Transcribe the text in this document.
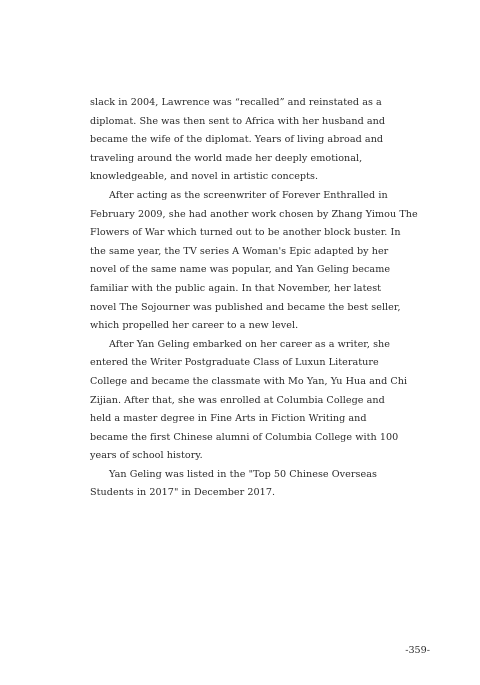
slack in 2004, Lawrence was “recalled” and reinstated as a
diplomat. She was then sent to Africa with her husband and
became the wife of the diplomat. Years of living abroad and
traveling around the world made her deeply emotional,
knowledgeable, and novel in artistic concepts.
After acting as the screenwriter of Forever Enthralled in
February 2009, she had another work chosen by Zhang Yimou The
Flowers of War which turned out to be another block buster. In
the same year, the TV series A Woman's Epic adapted by her
novel of the same name was popular, and Yan Geling became
familiar with the public again. In that November, her latest
novel The Sojourner was published and became the best seller,
which propelled her career to a new level.
After Yan Geling embarked on her career as a writer, she
entered the Writer Postgraduate Class of Luxun Literature
College and became the classmate with Mo Yan, Yu Hua and Chi
Zijian. After that, she was enrolled at Columbia College and
held a master degree in Fine Arts in Fiction Writing and
became the first Chinese alumni of Columbia College with 100
years of school history.
Yan Geling was listed in the "Top 50 Chinese Overseas
Students in 2017" in December 2017.
-359-
